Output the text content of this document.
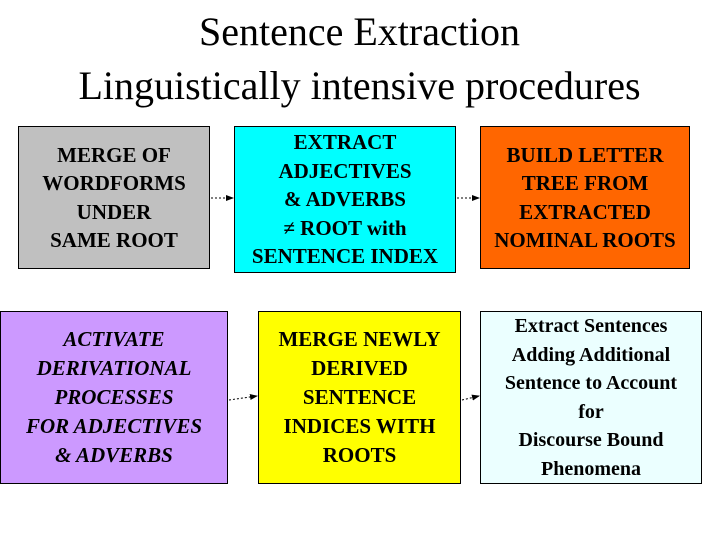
Sentence Extraction
Linguistically intensive procedures
MERGE OF
WORDFORMS
UNDER
SAME ROOT
EXTRACT
ADJECTIVES
& ADVERBS
≠ ROOT with
SENTENCE INDEX
BUILD LETTER
TREE FROM
EXTRACTED
NOMINAL ROOTS
ACTIVATE
DERIVATIONAL
PROCESSES
FOR ADJECTIVES
& ADVERBS
MERGE NEWLY
DERIVED
SENTENCE
INDICES WITH
ROOTS
Extract Sentences
Adding Additional
Sentence to Account
for
Discourse Bound
Phenomena
